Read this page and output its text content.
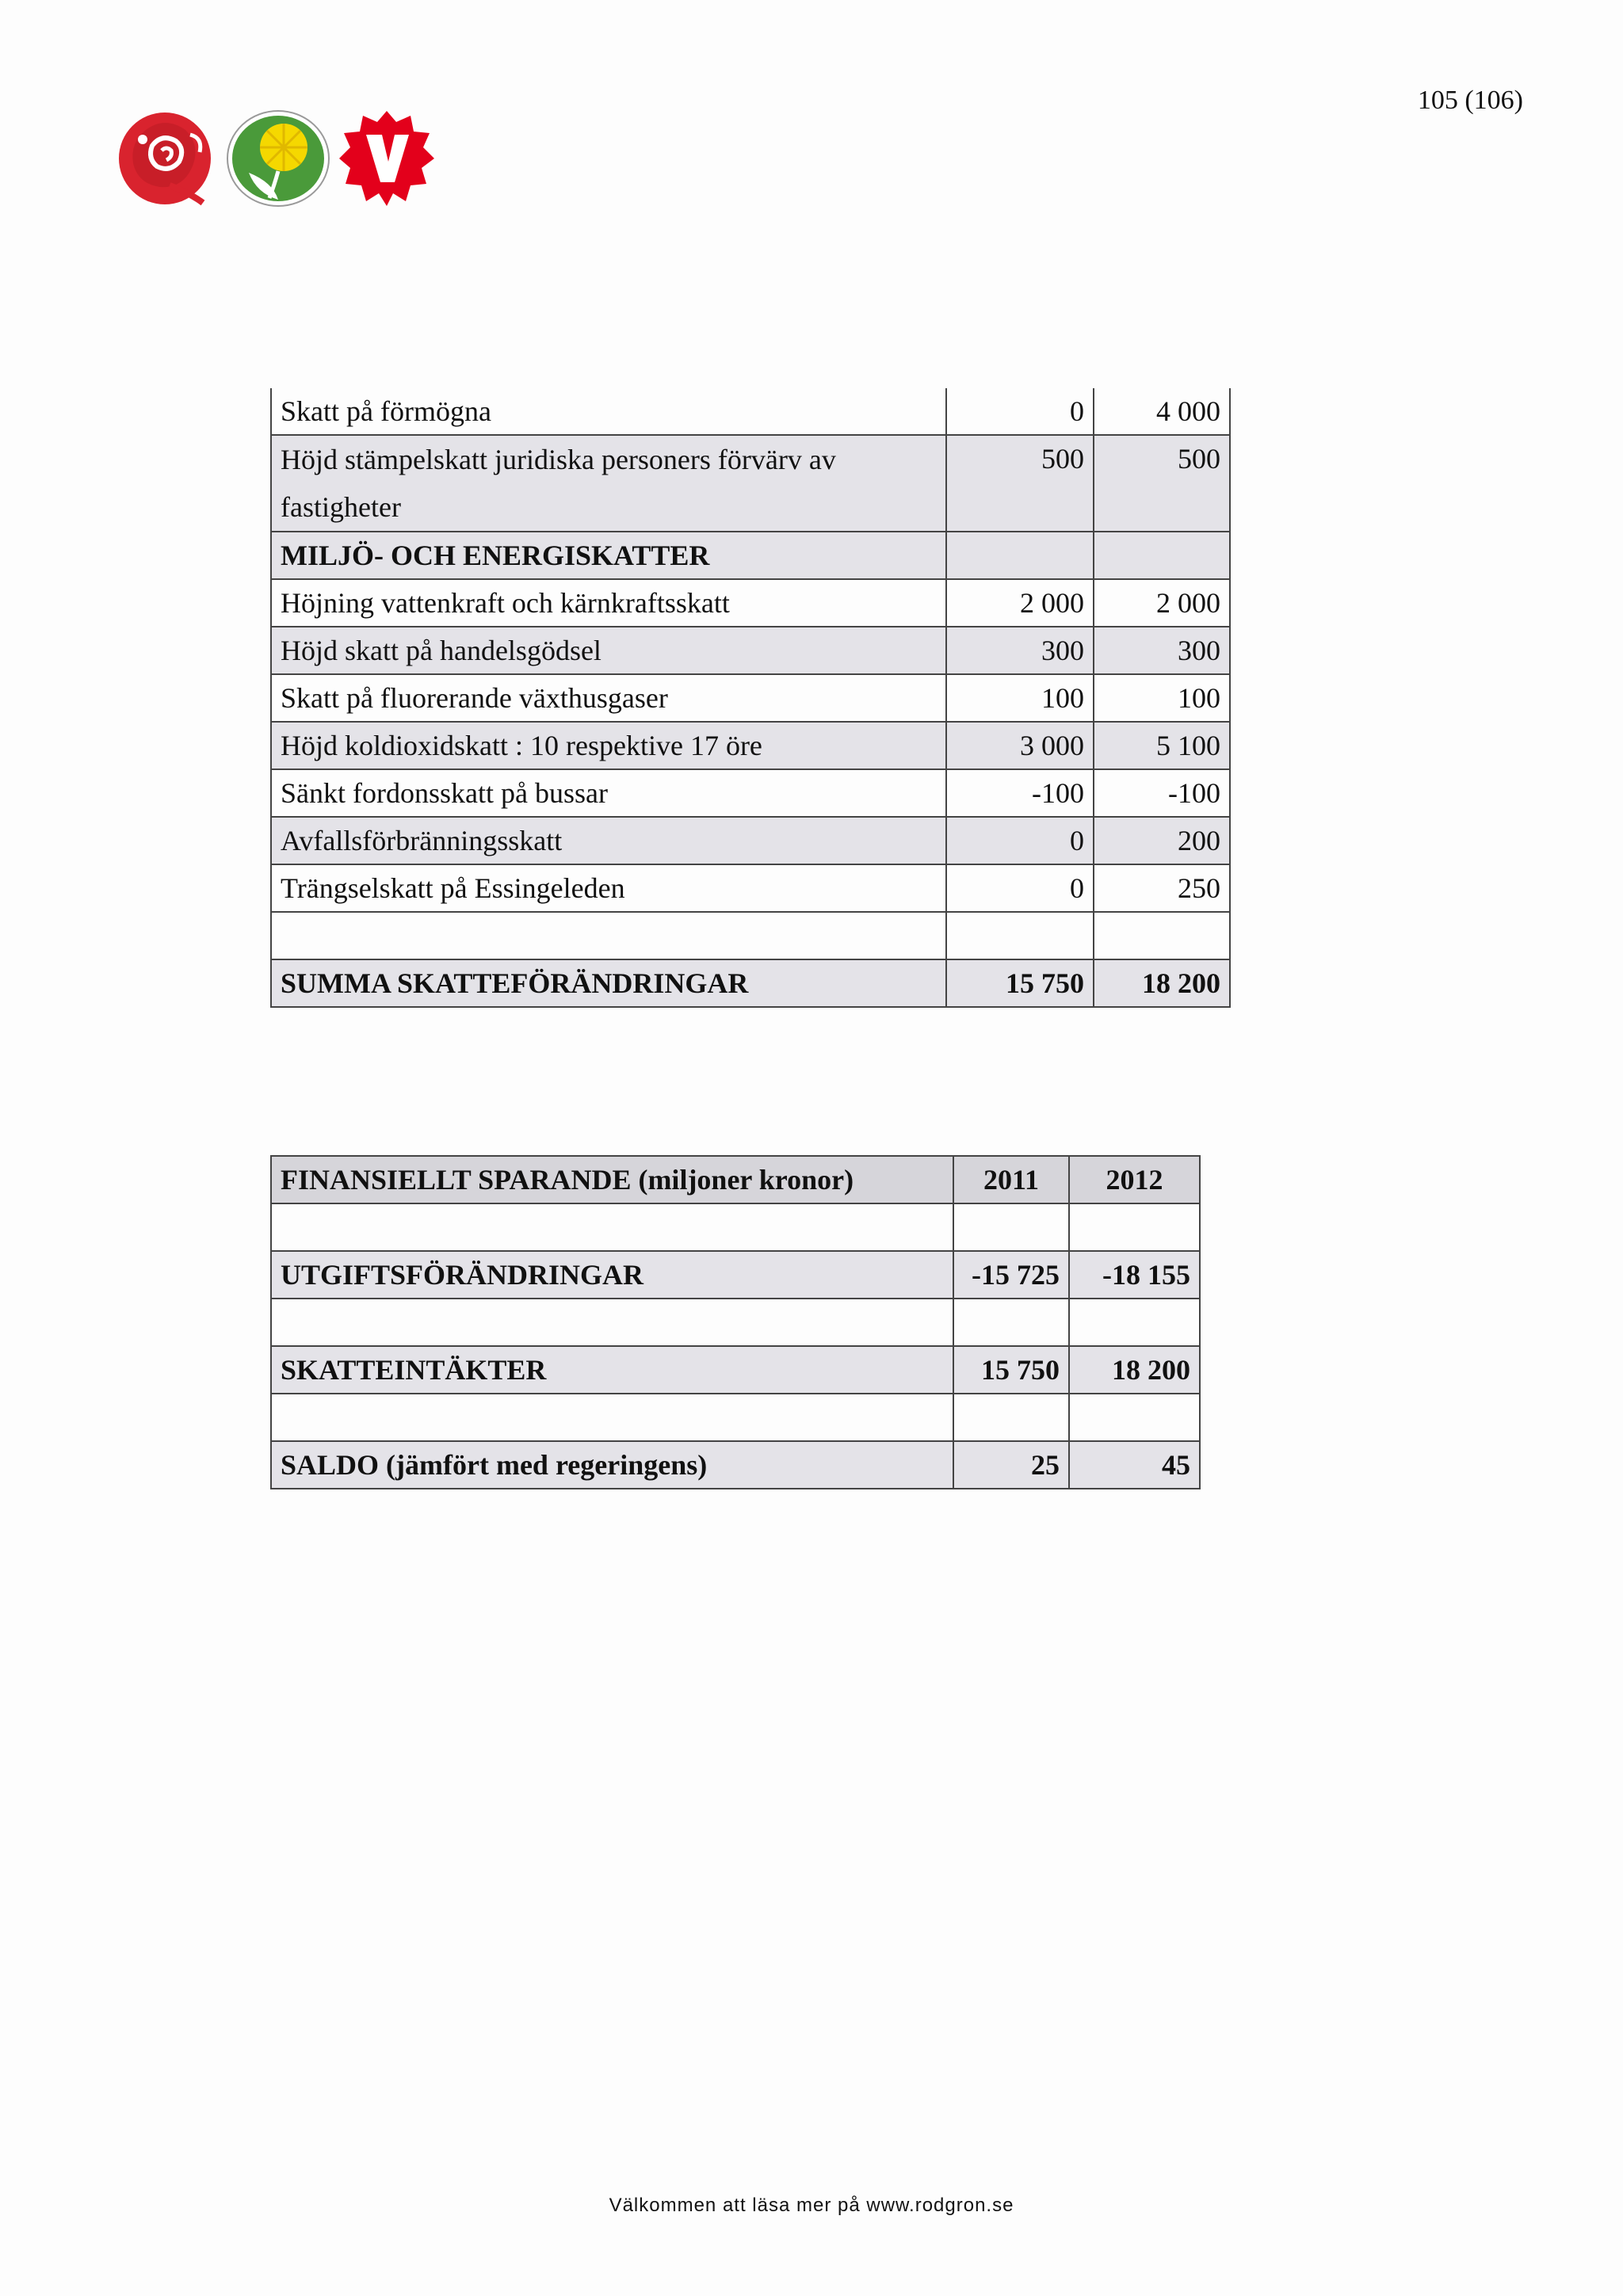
105 (106)
Skatt på förmögna	0	4 000
Höjd stämpelskatt juridiska personers förvärv av fastigheter	500	500
MILJÖ- OCH ENERGISKATTER		
Höjning vattenkraft och kärnkraftsskatt	2 000	2 000
Höjd skatt på handelsgödsel	300	300
Skatt på fluorerande växthusgaser	100	100
Höjd koldioxidskatt : 10 respektive 17 öre	3 000	5 100
Sänkt fordonsskatt på bussar	-100	-100
Avfallsförbränningsskatt	0	200
Trängselskatt på Essingeleden	0	250

SUMMA SKATTEFÖRÄNDRINGAR	15 750	18 200
FINANSIELLT SPARANDE (miljoner kronor)	2011	2012

UTGIFTSFÖRÄNDRINGAR	-15 725	-18 155

SKATTEINTÄKTER	15 750	18 200

SALDO (jämfört med regeringens)	25	45
Välkommen att läsa mer på www.rodgron.se
